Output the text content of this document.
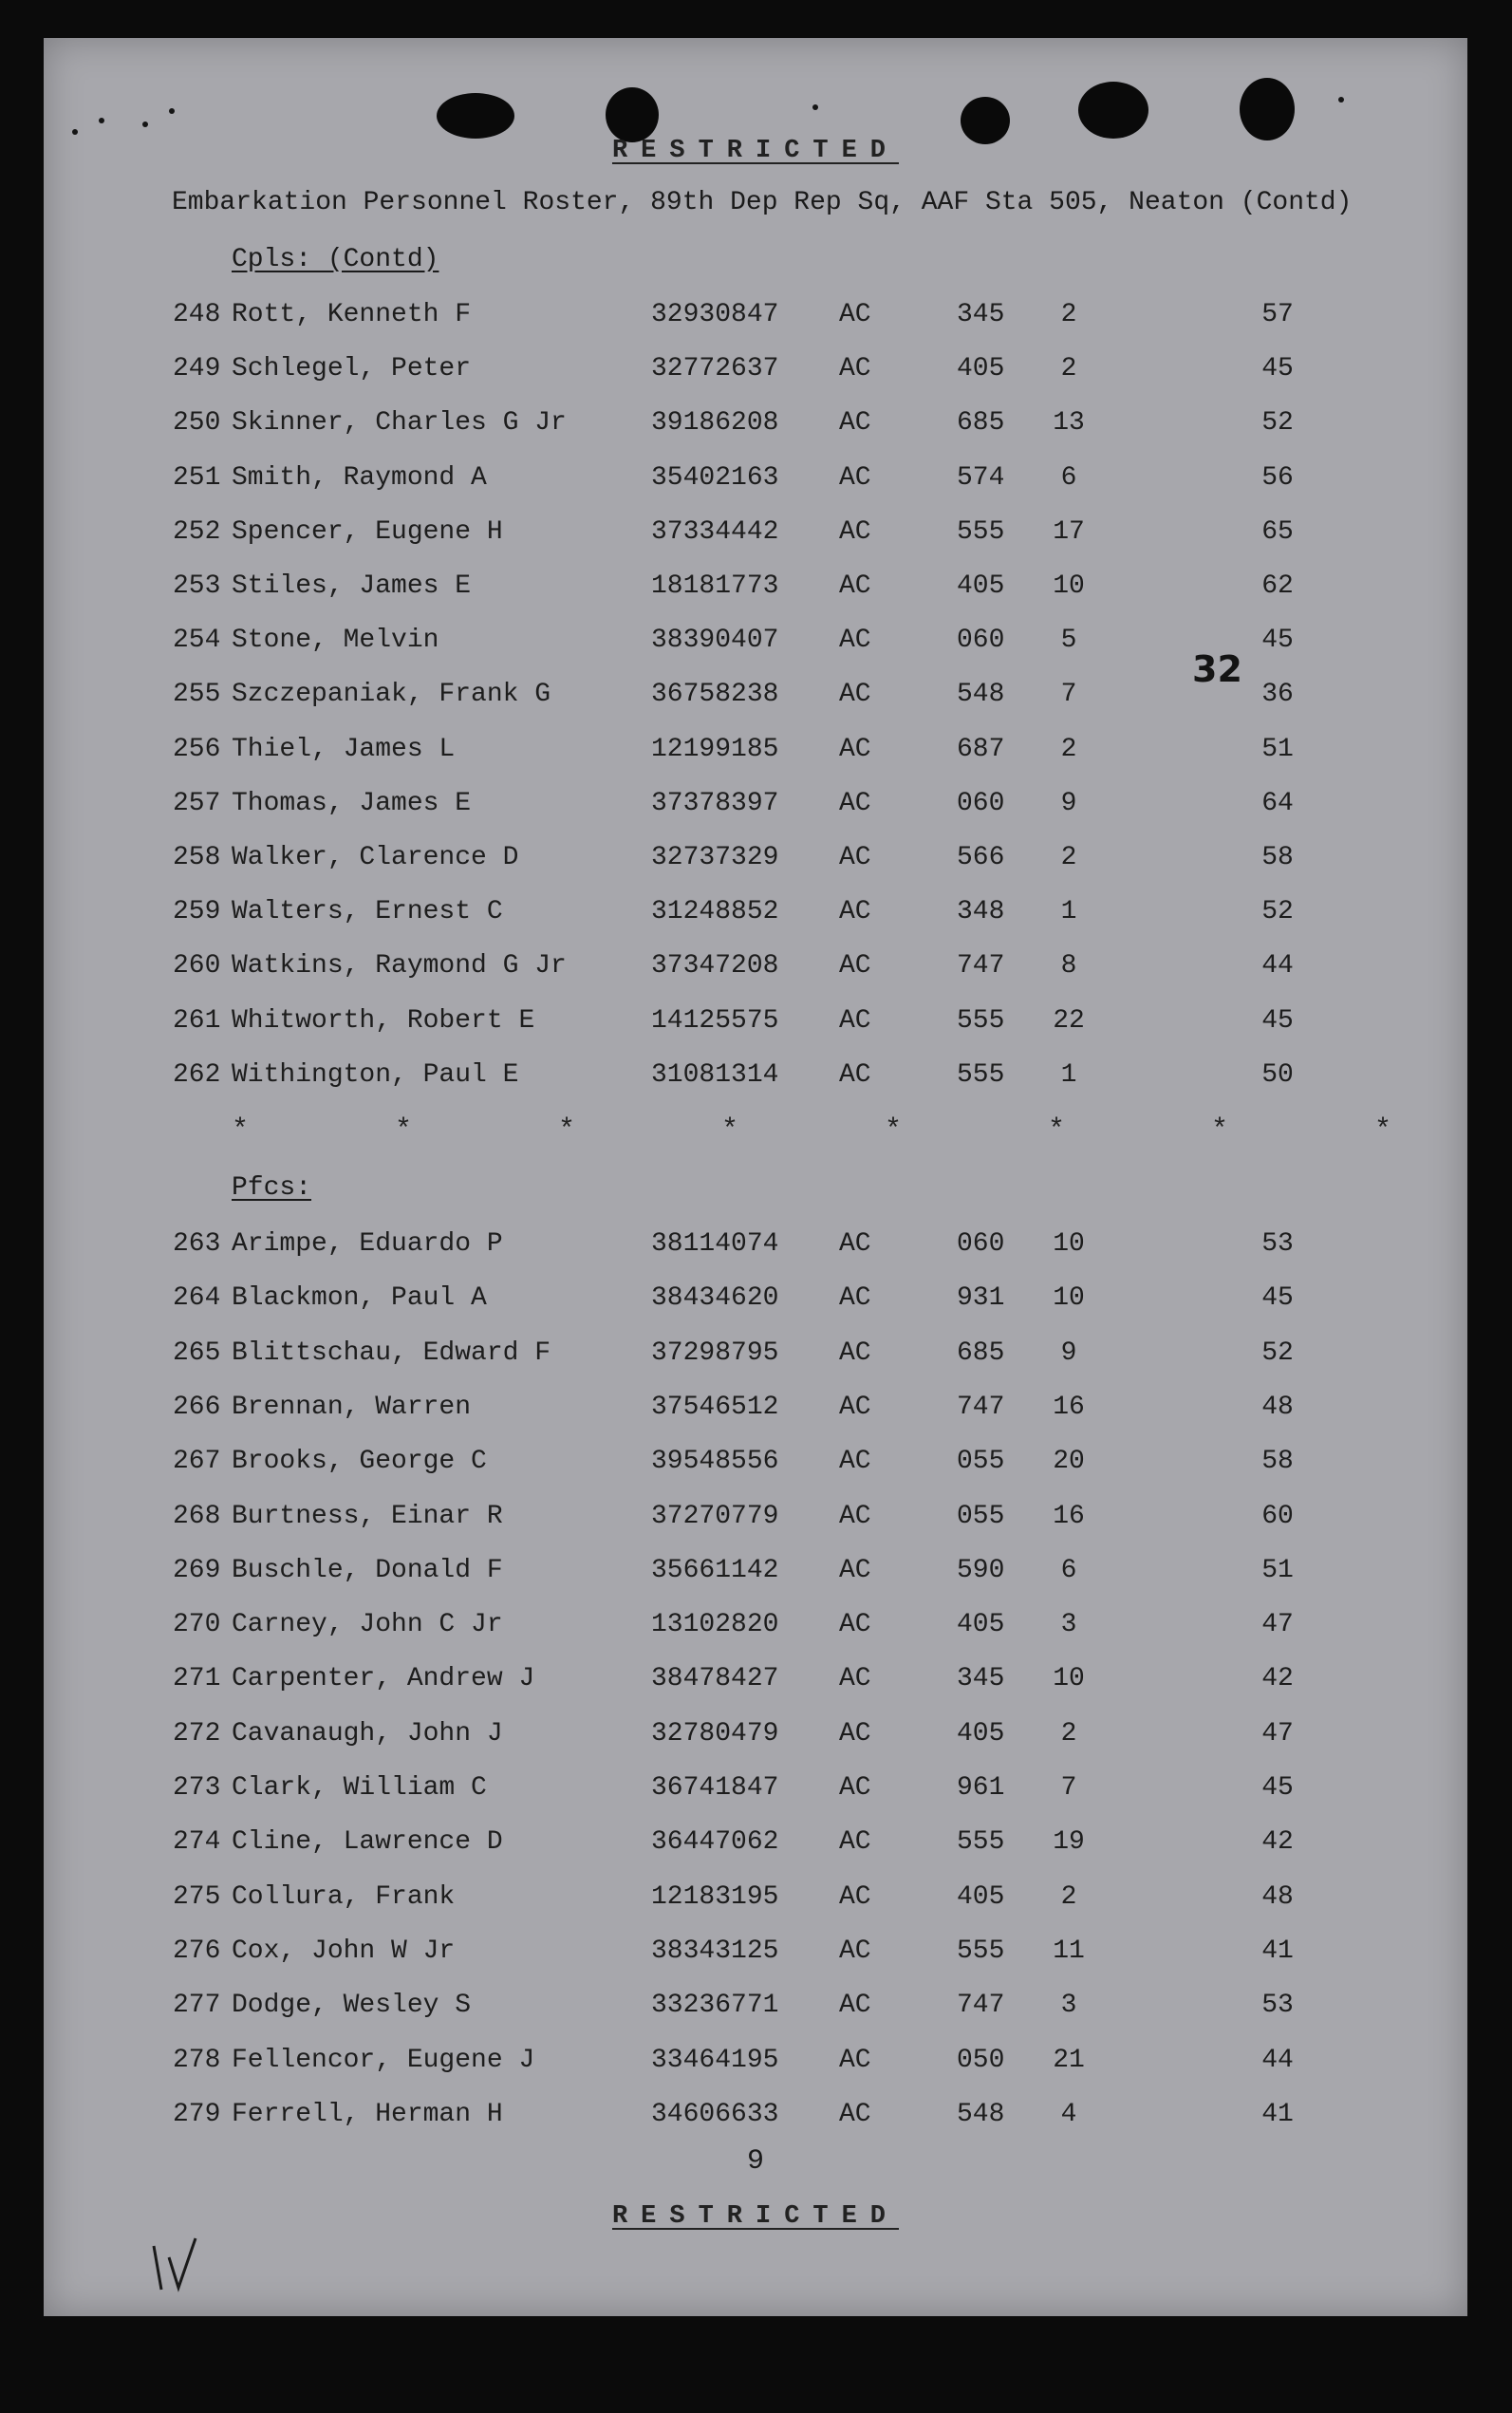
RESTRICTED
Embarkation Personnel Roster, 89th Dep Rep Sq, AAF Sta 505, Neaton (Contd)
Cpls: (Contd)
248 Rott, Kenneth F	32930847 AC	345	2	57
249 Schlegel, Peter	32772637 AC	405	2	45
250 Skinner, Charles G Jr	39186208 AC	685	13	52
251 Smith, Raymond A	35402163 AC	574	6	56
252 Spencer, Eugene H	37334442 AC	555	17	65
253 Stiles, James E	18181773 AC	405	10	62
254 Stone, Melvin	38390407 AC	060	5	45
255 Szczepaniak, Frank G	36758238 AC	548	7	36
256 Thiel, James L	12199185 AC	687	2	51
257 Thomas, James E	37378397 AC	060	9	64
258 Walker, Clarence D	32737329 AC	566	2	58
259 Walters, Ernest C	31248852 AC	348	1	52
260 Watkins, Raymond G Jr	37347208 AC	747	8	44
261 Whitworth, Robert E	14125575 AC	555	22	45
262 Withington, Paul E	31081314 AC	555	1	50
*	*	*	*	*	*	*	*
Pfcs:
263 Arimpe, Eduardo P	38114074 AC	060	10	53
264 Blackmon, Paul A	38434620 AC	931	10	45
265 Blittschau, Edward F	37298795 AC	685	9	52
266 Brennan, Warren	37546512 AC	747	16	48
267 Brooks, George C	39548556 AC	055	20	58
268 Burtness, Einar R	37270779 AC	055	16	60
269 Buschle, Donald F	35661142 AC	590	6	51
270 Carney, John C Jr	13102820 AC	405	3	47
271 Carpenter, Andrew J	38478427 AC	345	10	42
272 Cavanaugh, John J	32780479 AC	405	2	47
273 Clark, William C	36741847 AC	961	7	45
274 Cline, Lawrence D	36447062 AC	555	19	42
275 Collura, Frank	12183195 AC	405	2	48
276 Cox, John W Jr	38343125 AC	555	11	41
277 Dodge, Wesley S	33236771 AC	747	3	53
278 Fellencor, Eugene J	33464195 AC	050	21	44
279 Ferrell, Herman H	34606633 AC	548	4	41
32
9
RESTRICTED
